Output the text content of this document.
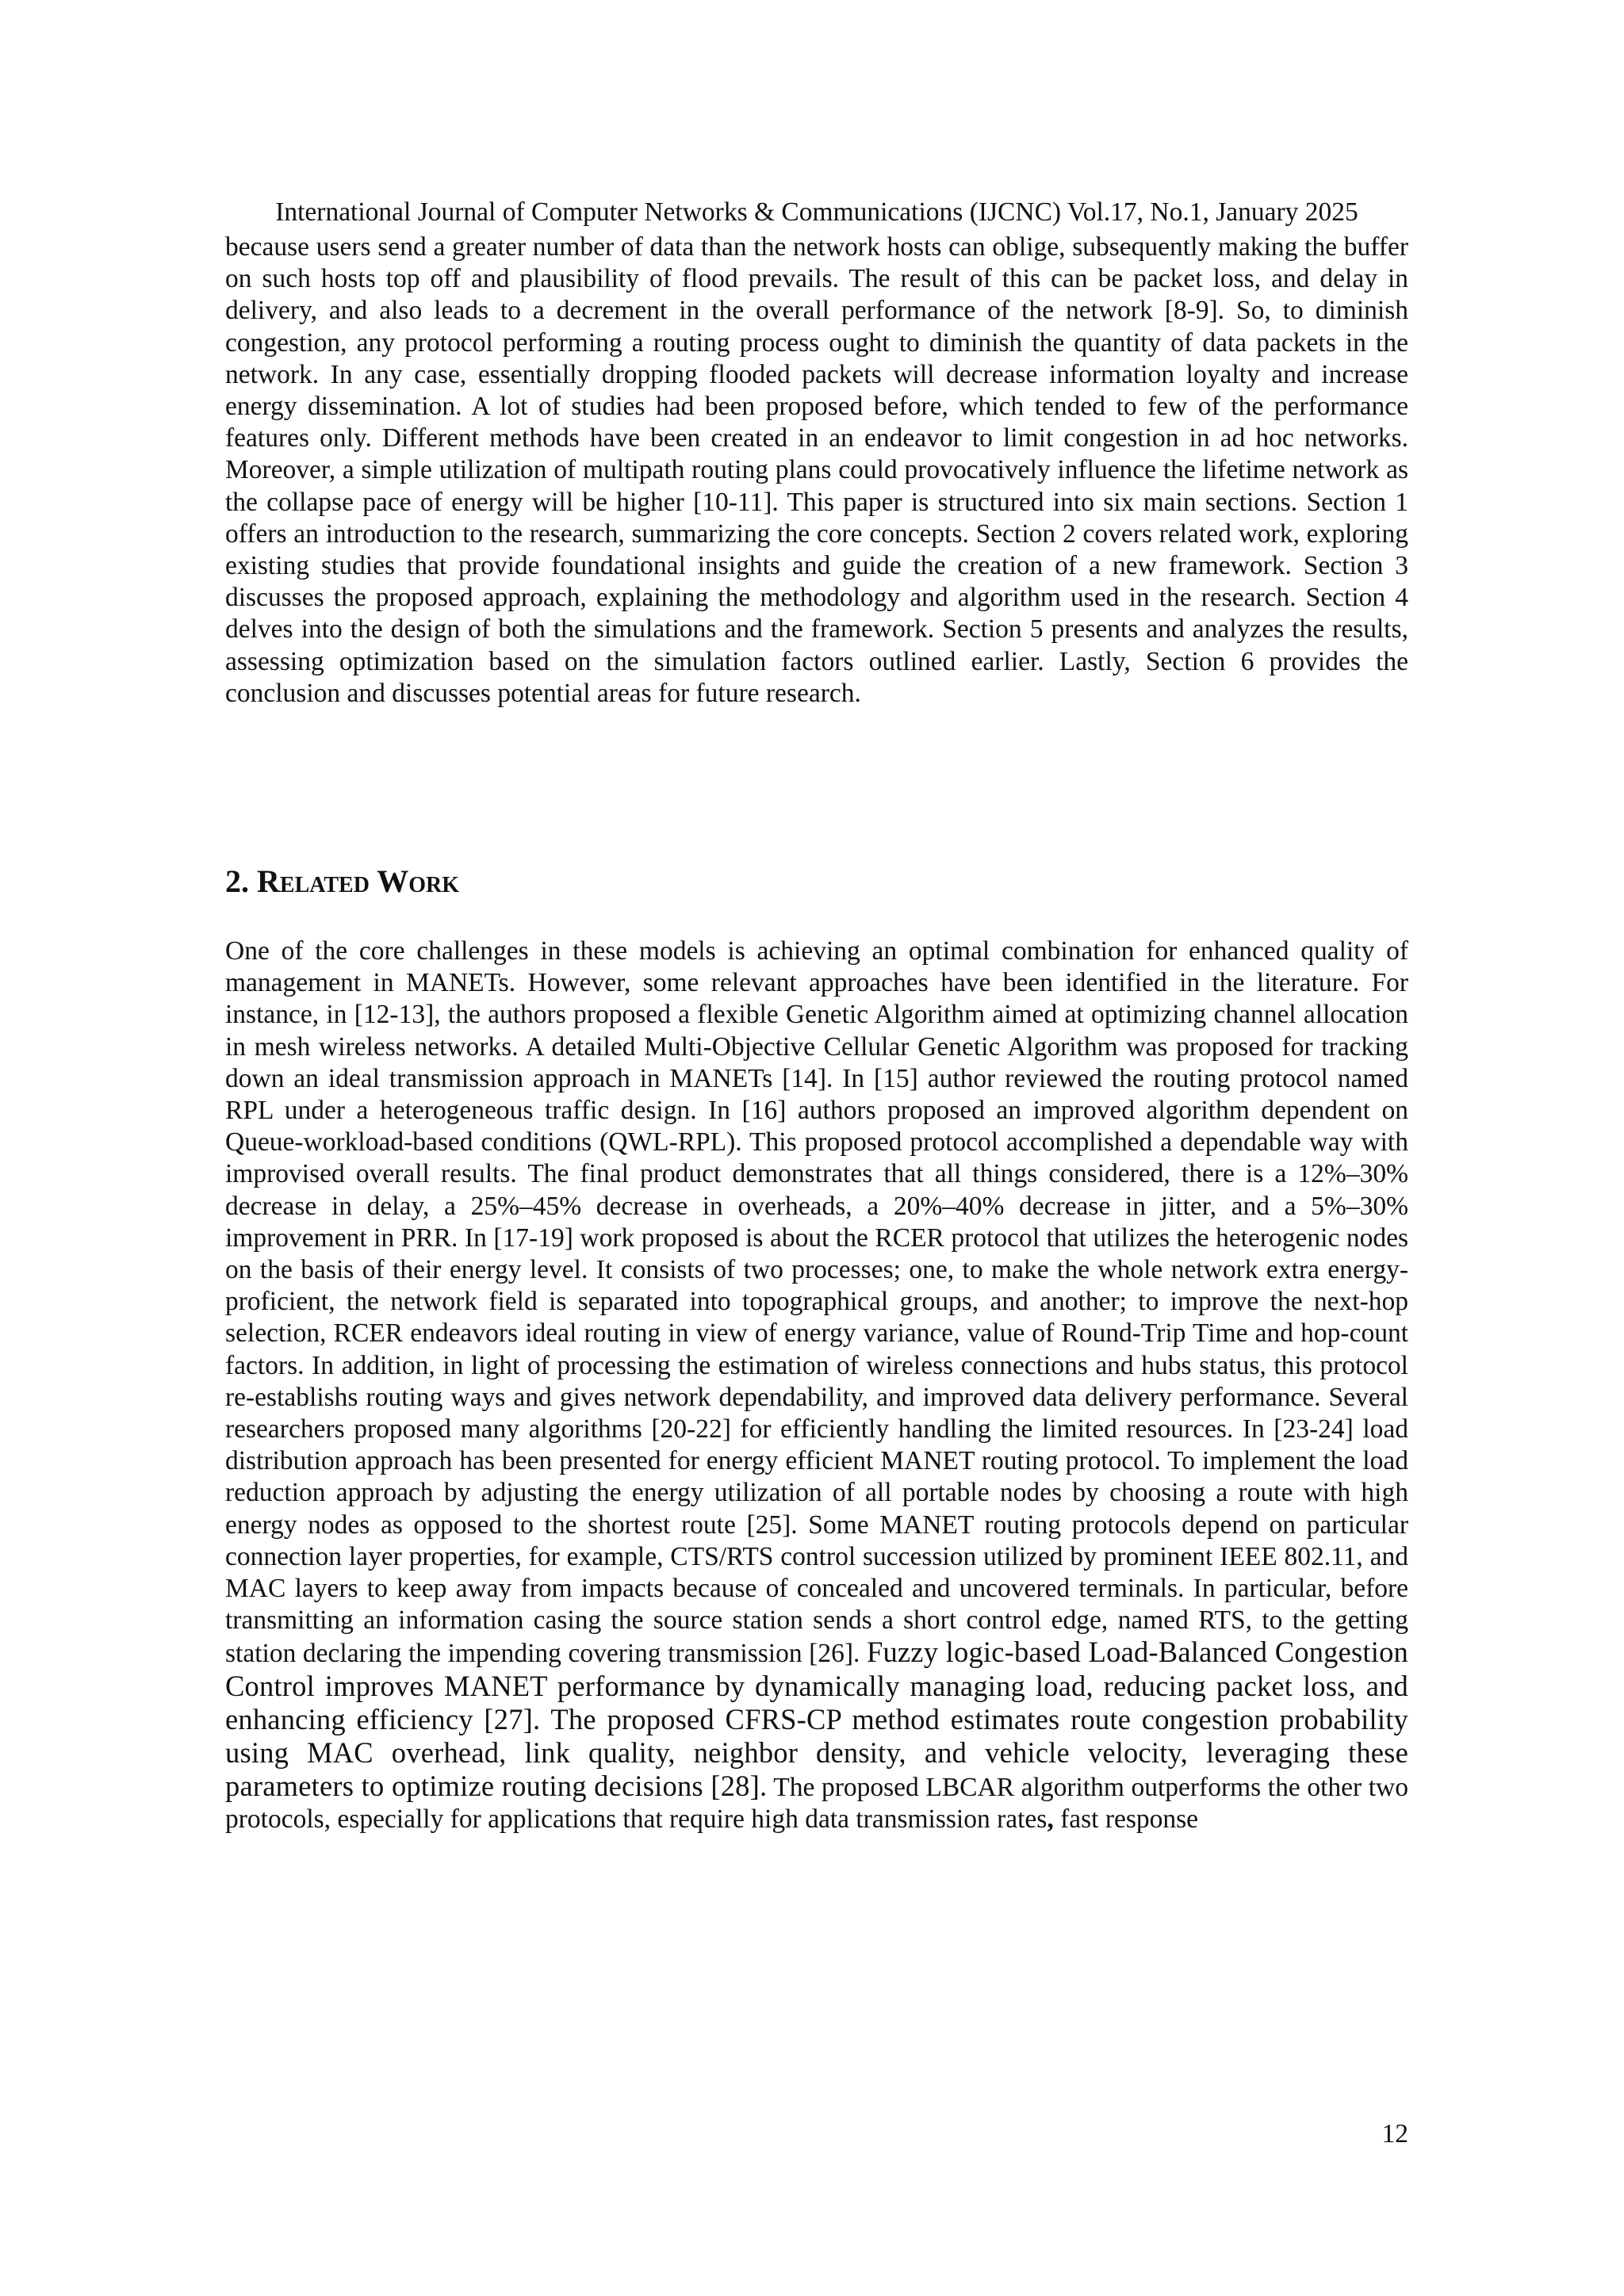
International Journal of Computer Networks & Communications (IJCNC) Vol.17, No.1, January 2025

because users send a greater number of data than the network hosts can oblige, subsequently making the buffer on such hosts top off and plausibility of flood prevails. The result of this can be packet loss, and delay in delivery, and also leads to a decrement in the overall performance of the network [8-9]. So, to diminish congestion, any protocol performing a routing process ought to diminish the quantity of data packets in the network. In any case, essentially dropping flooded packets will decrease information loyalty and increase energy dissemination. A lot of studies had been proposed before, which tended to few of the performance features only. Different methods have been created in an endeavor to limit congestion in ad hoc networks. Moreover, a simple utilization of multipath routing plans could provocatively influence the lifetime network as the collapse pace of energy will be higher [10-11]. This paper is structured into six main sections. Section 1 offers an introduction to the research, summarizing the core concepts. Section 2 covers related work, exploring existing studies that provide foundational insights and guide the creation of a new framework. Section 3 discusses the proposed approach, explaining the methodology and algorithm used in the research. Section 4 delves into the design of both the simulations and the framework. Section 5 presents and analyzes the results, assessing optimization based on the simulation factors outlined earlier. Lastly, Section 6 provides the conclusion and discusses potential areas for future research.

2. Related Work

One of the core challenges in these models is achieving an optimal combination for enhanced quality of management in MANETs. However, some relevant approaches have been identified in the literature. For instance, in [12-13], the authors proposed a flexible Genetic Algorithm aimed at optimizing channel allocation in mesh wireless networks. A detailed Multi-Objective Cellular Genetic Algorithm was proposed for tracking down an ideal transmission approach in MANETs [14]. In [15] author reviewed the routing protocol named RPL under a heterogeneous traffic design. In [16] authors proposed an improved algorithm dependent on Queue-workload-based conditions (QWL-RPL). This proposed protocol accomplished a dependable way with improvised overall results. The final product demonstrates that all things considered, there is a 12%–30% decrease in delay, a 25%–45% decrease in overheads, a 20%–40% decrease in jitter, and a 5%–30% improvement in PRR. In [17-19] work proposed is about the RCER protocol that utilizes the heterogenic nodes on the basis of their energy level. It consists of two processes; one, to make the whole network extra energy-proficient, the network field is separated into topographical groups, and another; to improve the next-hop selection, RCER endeavors ideal routing in view of energy variance, value of Round-Trip Time and hop-count factors. In addition, in light of processing the estimation of wireless connections and hubs status, this protocol re-establishs routing ways and gives network dependability, and improved data delivery performance. Several researchers proposed many algorithms [20-22] for efficiently handling the limited resources. In [23-24] load distribution approach has been presented for energy efficient MANET routing protocol. To implement the load reduction approach by adjusting the energy utilization of all portable nodes by choosing a route with high energy nodes as opposed to the shortest route [25]. Some MANET routing protocols depend on particular connection layer properties, for example, CTS/RTS control succession utilized by prominent IEEE 802.11, and MAC layers to keep away from impacts because of concealed and uncovered terminals. In particular, before transmitting an information casing the source station sends a short control edge, named RTS, to the getting station declaring the impending covering transmission [26]. Fuzzy logic-based Load-Balanced Congestion Control improves MANET performance by dynamically managing load, reducing packet loss, and enhancing efficiency [27]. The proposed CFRS-CP method estimates route congestion probability using MAC overhead, link quality, neighbor density, and vehicle velocity, leveraging these parameters to optimize routing decisions [28]. The proposed LBCAR algorithm outperforms the other two protocols, especially for applications that require high data transmission rates, fast response

12
